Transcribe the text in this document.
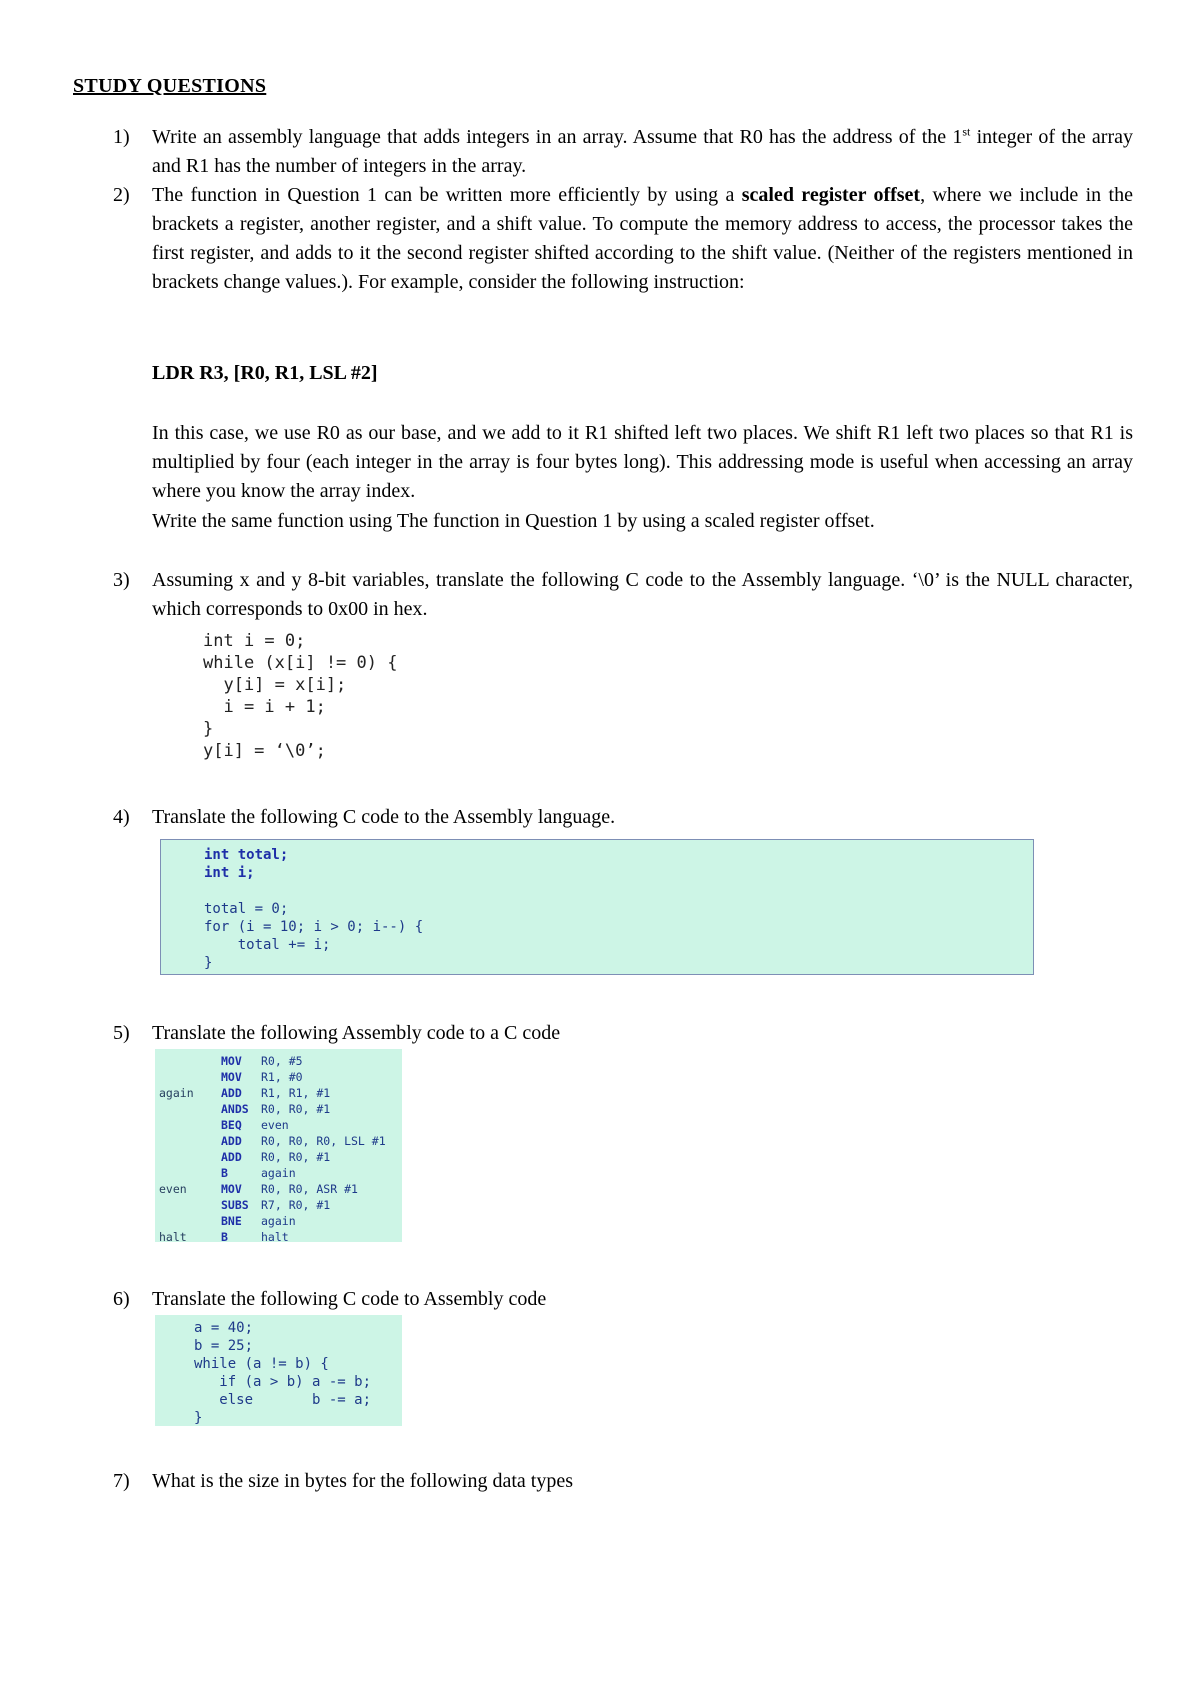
STUDY QUESTIONS
1) Write an assembly language that adds integers in an array. Assume that R0 has the address of the 1st integer of the array and R1 has the number of integers in the array.
2) The function in Question 1 can be written more efficiently by using a scaled register offset, where we include in the brackets a register, another register, and a shift value. To compute the memory address to access, the processor takes the first register, and adds to it the second register shifted according to the shift value. (Neither of the registers mentioned in brackets change values.). For example, consider the following instruction:
LDR R3, [R0, R1, LSL #2]
In this case, we use R0 as our base, and we add to it R1 shifted left two places. We shift R1 left two places so that R1 is multiplied by four (each integer in the array is four bytes long). This addressing mode is useful when accessing an array where you know the array index.
Write the same function using The function in Question 1 by using a scaled register offset.
3) Assuming x and y 8-bit variables, translate the following C code to the Assembly language. ‘\0’ is the NULL character, which corresponds to 0x00 in hex.
int i = 0;
while (x[i] != 0) {
y[i] = x[i];
i = i + 1;
}
y[i] = ‘\0’;
4) Translate the following C code to the Assembly language.
int total;
int i;

total = 0;
for (i = 10; i > 0; i--) {
total += i;
}
5) Translate the following Assembly code to a C code
MOV R0, #5
MOV R1, #0
again ADD R1, R1, #1
ANDS R0, R0, #1
BEQ even
ADD R0, R0, R0, LSL #1
ADD R0, R0, #1
B	again
even	MOV R0, R0, ASR #1
SUBS R7, R0, #1
BNE again
halt	B	halt
6) Translate the following C code to Assembly code
a = 40;
b = 25;
while (a != b) {
if (a > b) a -= b;
else       b -= a;
}
7) What is the size in bytes for the following data types
